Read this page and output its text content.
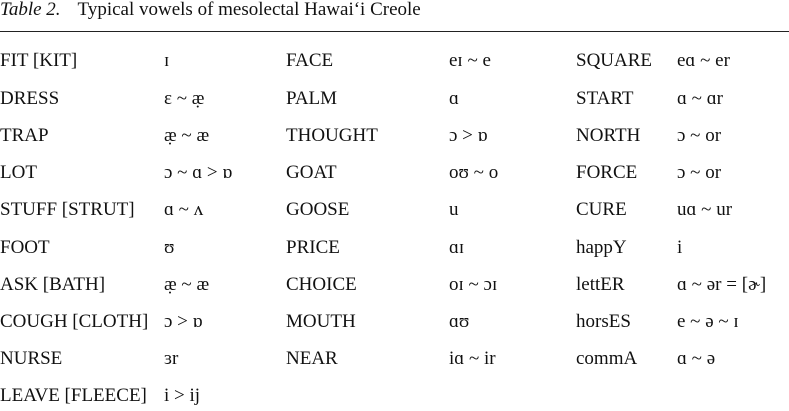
Table 2. Typical vowels of mesolectal Hawaiʻi Creole
FIT [KIT]	ɪ	FACE	eɪ ~ e	SQUARE eɑ ~ er
DRESS	ɛ ~ æ̣	PALM	ɑ	START ɑ ~ ɑr
TRAP	æ̣ ~ æ	THOUGHT	ɔ > ɒ	NORTH ɔ ~ or
LOT	ɔ ~ ɑ > ɒ	GOAT	oʊ ~ o	FORCE ɔ ~ or
STUFF [STRUT] ɑ ~ ʌ	GOOSE	u	CURE	uɑ ~ ur
FOOT	ʊ	PRICE	ɑɪ	happY	i
ASK [BATH]	æ̣ ~ æ	CHOICE	oɪ ~ ɔɪ	lettER	ɑ ~ ər = [ɚ]
COUGH [CLOTH] ɔ > ɒ	MOUTH	ɑʊ	horsES e ~ ə ~ ɪ
NURSE	ɜr	NEAR	iɑ ~ ir	commA ɑ ~ ə
LEAVE [FLEECE] i > ij
